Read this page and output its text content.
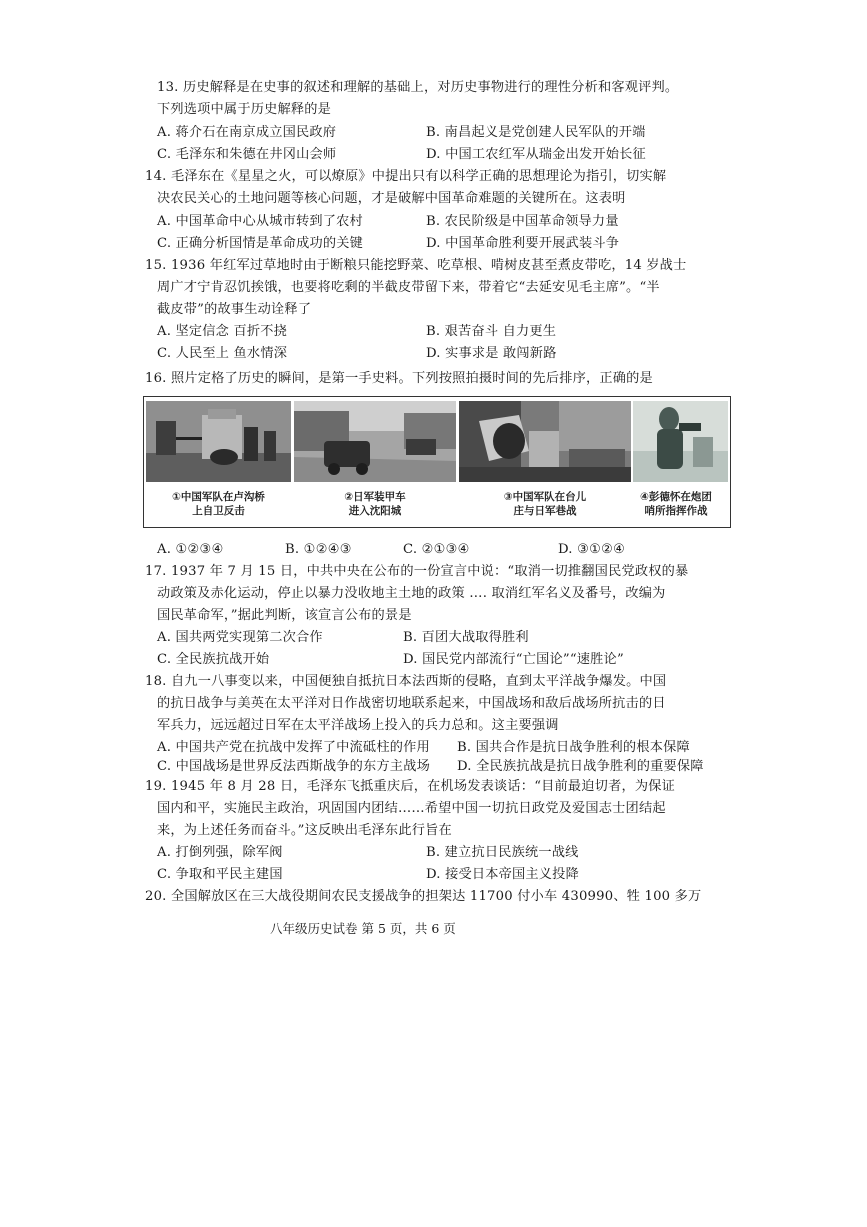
13. 历史解释是在史事的叙述和理解的基础上，对历史事物进行的理性分析和客观评判。
下列选项中属于历史解释的是
A. 蒋介石在南京成立国民政府	B. 南昌起义是党创建人民军队的开端
C. 毛泽东和朱德在井冈山会师	D. 中国工农红军从瑞金出发开始长征
14. 毛泽东在《星星之火，可以燎原》中提出只有以科学正确的思想理论为指引，切实解
决农民关心的土地问题等核心问题，才是破解中国革命难题的关键所在。这表明
A. 中国革命中心从城市转到了农村	B. 农民阶级是中国革命领导力量
C. 正确分析国情是革命成功的关键	D. 中国革命胜利要开展武装斗争
15. 1936 年红军过草地时由于断粮只能挖野菜、吃草根、啃树皮甚至煮皮带吃，14 岁战士
周广才宁肯忍饥挨饿，也要将吃剩的半截皮带留下来，带着它“去延安见毛主席”。“半
截皮带”的故事生动诠释了
A. 坚定信念 百折不挠	B. 艰苦奋斗 自力更生
C. 人民至上 鱼水情深	D. 实事求是 敢闯新路
16. 照片定格了历史的瞬间，是第一手史料。下列按照拍摄时间的先后排序，正确的是
①中国军队在卢沟桥
上自卫反击
②日军装甲车
进入沈阳城
③中国军队在台儿
庄与日军巷战
④彭德怀在炮团
哨所指挥作战
A. ①②③④	B. ①②④③	C. ②①③④	D. ③①②④
17. 1937 年 7 月 15 日，中共中央在公布的一份宣言中说：“取消一切推翻国民党政权的暴
动政策及赤化运动，停止以暴力没收地主土地的政策 …. 取消红军名义及番号，改编为
国民革命军，”据此判断，该宣言公布的景是
A. 国共两党实现第二次合作	B. 百团大战取得胜利
C. 全民族抗战开始	D. 国民党内部流行“亡国论”“速胜论”
18. 自九一八事变以来，中国便独自抵抗日本法西斯的侵略，直到太平洋战争爆发。中国
的抗日战争与美英在太平洋对日作战密切地联系起来，中国战场和敌后战场所抗击的日
军兵力，远远超过日军在太平洋战场上投入的兵力总和。这主要强调
A. 中国共产党在抗战中发挥了中流砥柱的作用 B. 国共合作是抗日战争胜利的根本保障
C. 中国战场是世界反法西斯战争的东方主战场 D. 全民族抗战是抗日战争胜利的重要保障
19. 1945 年 8 月 28 日，毛泽东飞抵重庆后，在机场发表谈话：“目前最迫切者，为保证
国内和平，实施民主政治，巩固国内团结……希望中国一切抗日政党及爱国志士团结起
来，为上述任务而奋斗。”这反映出毛泽东此行旨在
A. 打倒列强，除军阀	B. 建立抗日民族统一战线
C. 争取和平民主建国	D. 接受日本帝国主义投降
20. 全国解放区在三大战役期间农民支援战争的担架达 11700 付小车 430990、牲 100 多万
八年级历史试卷 第 5 页，共 6 页
